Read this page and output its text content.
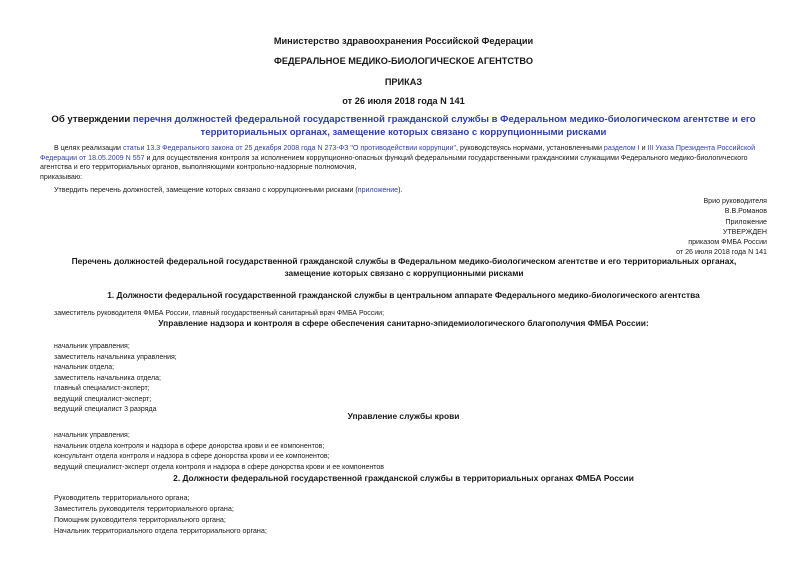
Министерство здравоохранения Российской Федерации
ФЕДЕРАЛЬНОЕ МЕДИКО-БИОЛОГИЧЕСКОЕ АГЕНТСТВО
ПРИКАЗ
от 26 июля 2018 года N 141
Об утверждении перечня должностей федеральной государственной гражданской службы в Федеральном медико-биологическом агентстве и его
территориальных органах, замещение которых связано с коррупционными рисками
В целях реализации статьи 13.3 Федерального закона от 25 декабря 2008 года N 273-ФЗ "О противодействии коррупции", руководствуясь нормами, установленными разделом I и III Указа Президента Российской
Федерации от 18.05.2009 N 557 и для осуществления контроля за исполнением коррупционно-опасных функций федеральными государственными гражданскими служащими Федерального медико-биологического
агентства и его территориальных органов, выполняющими контрольно-надзорные полномочия,
приказываю:
Утвердить перечень должностей, замещение которых связано с коррупционными рисками (приложение).
Врио руководителя
В.В.Романов
Приложение
УТВЕРЖДЕН
приказом ФМБА России
от 26 июля 2018 года N 141
Перечень должностей федеральной государственной гражданской службы в Федеральном медико-биологическом агентстве и его территориальных органах,
замещение которых связано с коррупционными рисками
1. Должности федеральной государственной гражданской службы в центральном аппарате Федерального медико-биологического агентства
заместитель руководителя ФМБА России, главный государственный санитарный врач ФМБА России;
Управление надзора и контроля в сфере обеспечения санитарно-эпидемиологического благополучия ФМБА России:
начальник управления;
заместитель начальника управления;
начальник отдела;
заместитель начальника отдела;
главный специалист-эксперт;
ведущий специалист-эксперт;
ведущий специалист 3 разряда
Управление службы крови
начальник управления;
начальник отдела контроля и надзора в сфере донорства крови и ее компонентов;
консультант отдела контроля и надзора в сфере донорства крови и ее компонентов;
ведущий специалист-эксперт отдела контроля и надзора в сфере донорства крови и ее компонентов
2. Должности федеральной государственной гражданской службы в территориальных органах ФМБА России
Руководитель территориального органа;
Заместитель руководителя территориального органа;
Помощник руководителя территориального органа;
Начальник территориального отдела территориального органа;
